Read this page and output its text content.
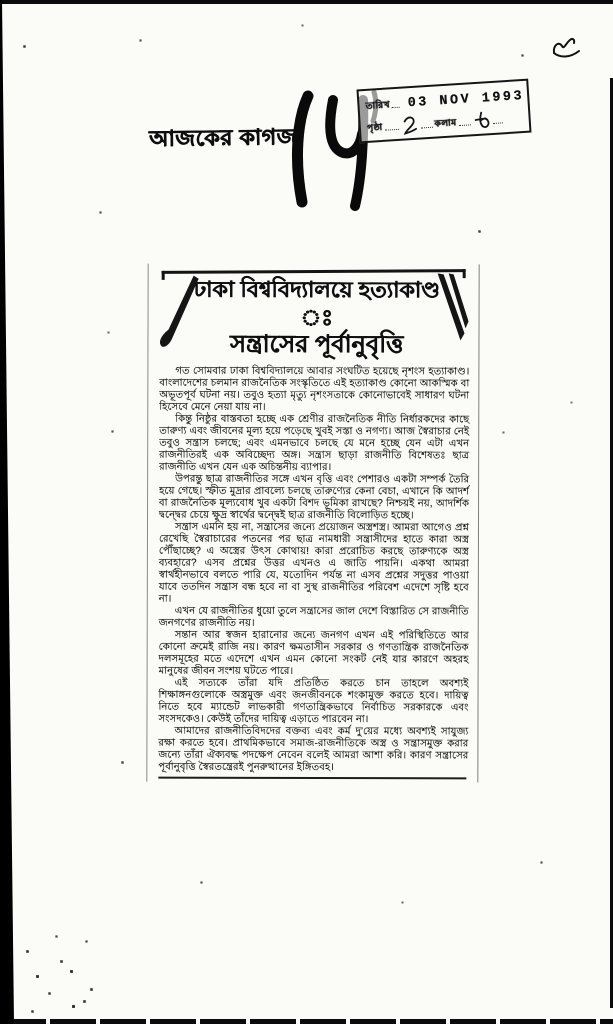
আজকের কাগজ
তারিখ 03 NOV 1993
পৃষ্ঠা	কলাম
ঢাকা বিশ্ববিদ্যালয়ে হত্যাকাণ্ড ঃ
সন্ত্রাসের পূর্বানুবৃত্তি

গত সোমবার ঢাকা বিশ্ববিদ্যালয়ে আবার সংঘটিত হয়েছে নৃশংস হত্যাকাণ্ড। বাংলাদেশের চলমান রাজনৈতিক সংস্কৃতিতে এই হত্যাকাণ্ড কোনো আকস্মিক বা অভূতপূর্ব ঘটনা নয়। তবুও হত্যা মৃত্যু নৃশংসতাকে কোনোভাবেই সাধারণ ঘটনা হিসেবে মেনে নেয়া যায় না।

কিন্তু নিষ্ঠুর বাস্তবতা হচ্ছে এক শ্রেণীর রাজনৈতিক নীতি নির্ধারকদের কাছে তারুণ্য এবং জীবনের মূল্য হয়ে পড়েছে খুবই সস্তা ও নগণ্য। আজ স্বৈরাচার নেই তবুও সন্ত্রাস চলছে; এবং এমনভাবে চলছে যে মনে হচ্ছে যেন এটা এখন রাজনীতিরই এক অবিচ্ছেদ্য অঙ্গ। সন্ত্রাস ছাড়া রাজনীতি বিশেষতঃ ছাত্র রাজনীতি এখন যেন এক অচিন্তনীয় ব্যাপার।

উপরন্তু ছাত্র রাজনীতির সঙ্গে এখন বৃত্তি এবং পেশারও একটা সম্পর্ক তৈরি হয়ে গেছে। স্ফীত মুদ্রার প্রাবল্যে চলছে তারুণ্যের কেনা বেচা, এখানে কি আদর্শ বা রাজনৈতিক মূল্যবোধ খুব একটা বিশদ ভূমিকা রাখছে? নিশ্চয়ই নয়, আদর্শিক দ্বন্দ্বের চেয়ে ক্ষুদ্র স্বার্থের দ্বন্দ্বেই ছাত্র রাজনীতি বিলোড়িত হচ্ছে।

সন্ত্রাস এমনি হয় না, সন্ত্রাসের জন্যে প্রয়োজন অস্ত্রশস্ত্র। আমরা আগেও প্রশ্ন রেখেছি স্বৈরাচারের পতনের পর ছাত্র নামধারী সন্ত্রাসীদের হাতে কারা অস্ত্র পৌঁছাচ্ছে? এ অস্ত্রের উৎস কোথায়! কারা প্ররোচিত করছে তারুণ্যকে অস্ত্র ব্যবহারে? এসব প্রশ্নের উত্তর এখনও এ জাতি পায়নি। একথা আমরা স্বার্থহীনভাবে বলতে পারি যে, যতোদিন পর্যন্ত না এসব প্রশ্নের সদুত্তর পাওয়া যাবে ততদিন সন্ত্রাস বন্ধ হবে না বা সুস্থ রাজনীতির পরিবেশ এদেশে সৃষ্টি হবে না।

এখন যে রাজনীতির ধুয়ো তুলে সন্ত্রাসের জাল দেশে বিস্তারিত সে রাজনীতি জনগণের রাজনীতি নয়।

সন্তান আর স্বজন হারানোর জন্যে জনগণ এখন এই পরিস্থিতিতে আর কোনো ক্রমেই রাজি নয়। কারণ ক্ষমতাসীন সরকার ও গণতান্ত্রিক রাজনৈতিক দলসমূহের মতে এদেশে এখন এমন কোনো সংকট নেই যার কারণে অহরহ মানুষের জীবন সংশয় ঘটতে পারে।

এই সত্যকে তাঁরা যদি প্রতিষ্ঠিত করতে চান তাহলে অবশ্যই শিক্ষাঙ্গনগুলোকে অস্ত্রমুক্ত এবং জনজীবনকে শংকামুক্ত করতে হবে। দায়িত্ব নিতে হবে ম্যান্ডেট লাভকারী গণতান্ত্রিকভাবে নির্বাচিত সরকারকে এবং সংসদকেও। কেউই তাঁদের দায়িত্ব এড়াতে পারবেন না।

আমাদের রাজনীতিবিদদের বক্তব্য এবং কর্ম দু'য়ের মধ্যে অবশ্যই সাযুজ্য রক্ষা করতে হবে। প্রাথমিকভাবে সমাজ-রাজনীতিকে অস্ত্র ও সন্ত্রাসমুক্ত করার জন্যে তাঁরা ঐক্যবদ্ধ পদক্ষেপ নেবেন বলেই আমরা আশা করি। কারণ সন্ত্রাসের পূর্বানুবৃত্তি স্বৈরতন্ত্রেরই পুনরুত্থানের ইঙ্গিতবহ।
